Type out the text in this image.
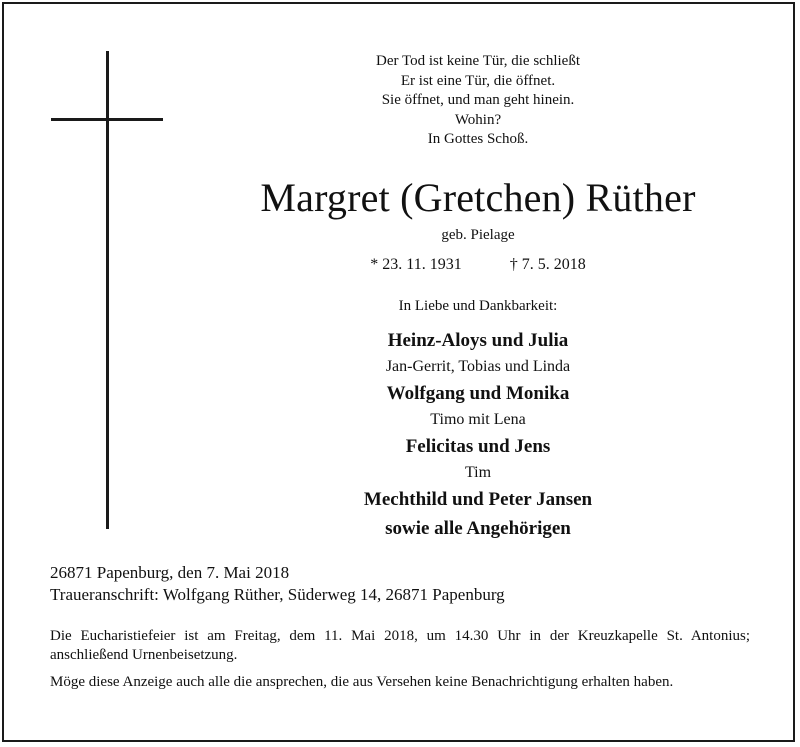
Der Tod ist keine Tür, die schließt
Er ist eine Tür, die öffnet.
Sie öffnet, und man geht hinein.
Wohin?
In Gottes Schoß.
Margret (Gretchen) Rüther
geb. Pielage
* 23. 11. 1931	† 7. 5. 2018
In Liebe und Dankbarkeit:
Heinz-Aloys und Julia
Jan-Gerrit, Tobias und Linda
Wolfgang und Monika
Timo mit Lena
Felicitas und Jens
Tim
Mechthild und Peter Jansen
sowie alle Angehörigen
26871 Papenburg, den 7. Mai 2018
Traueranschrift: Wolfgang Rüther, Süderweg 14, 26871 Papenburg
Die Eucharistiefeier ist am Freitag, dem 11. Mai 2018, um 14.30 Uhr in der Kreuzkapelle St. Antonius; anschließend Urnenbeisetzung.
Möge diese Anzeige auch alle die ansprechen, die aus Versehen keine Benachrichtigung erhalten haben.
